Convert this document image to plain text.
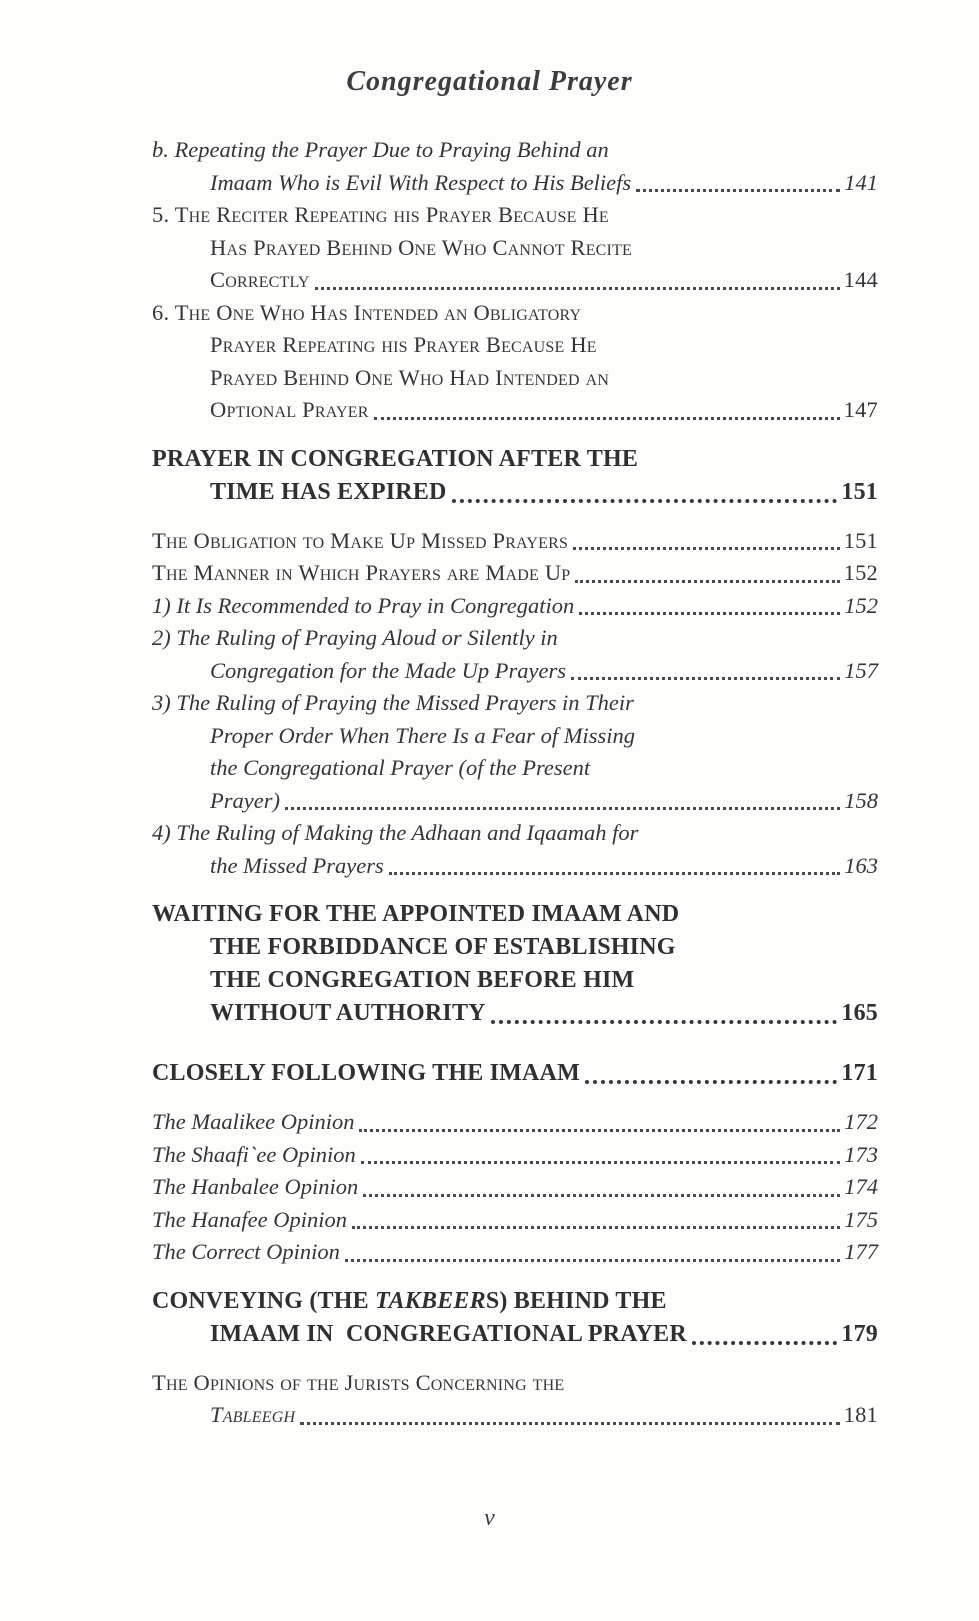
Congregational Prayer
b. Repeating the Prayer Due to Praying Behind an
Imaam Who is Evil With Respect to His Beliefs	141
5. The Reciter Repeating his Prayer Because He
Has Prayed Behind One Who Cannot Recite
Correctly	144
6. The One Who Has Intended an Obligatory
Prayer Repeating his Prayer Because He
Prayed Behind One Who Had Intended an
Optional Prayer	147
PRAYER IN CONGREGATION AFTER THE
TIME HAS EXPIRED	151
The Obligation to Make Up Missed Prayers	151
The Manner in Which Prayers are Made Up	152
1) It Is Recommended to Pray in Congregation	152
2) The Ruling of Praying Aloud or Silently in
Congregation for the Made Up Prayers	157
3) The Ruling of Praying the Missed Prayers in Their
Proper Order When There Is a Fear of Missing
the Congregational Prayer (of the Present
Prayer)	158
4) The Ruling of Making the Adhaan and Iqaamah for
the Missed Prayers	163
WAITING FOR THE APPOINTED IMAAM AND
THE FORBIDDANCE OF ESTABLISHING
THE CONGREGATION BEFORE HIM
WITHOUT AUTHORITY	165
CLOSELY FOLLOWING THE IMAAM	171
The Maalikee Opinion	172
The Shaafi`ee Opinion	173
The Hanbalee Opinion	174
The Hanafee Opinion	175
The Correct Opinion	177
CONVEYING (THE TAKBEERS) BEHIND THE
IMAAM IN  CONGREGATIONAL PRAYER	179
The Opinions of the Jurists Concerning the
Tableegh	181
v
